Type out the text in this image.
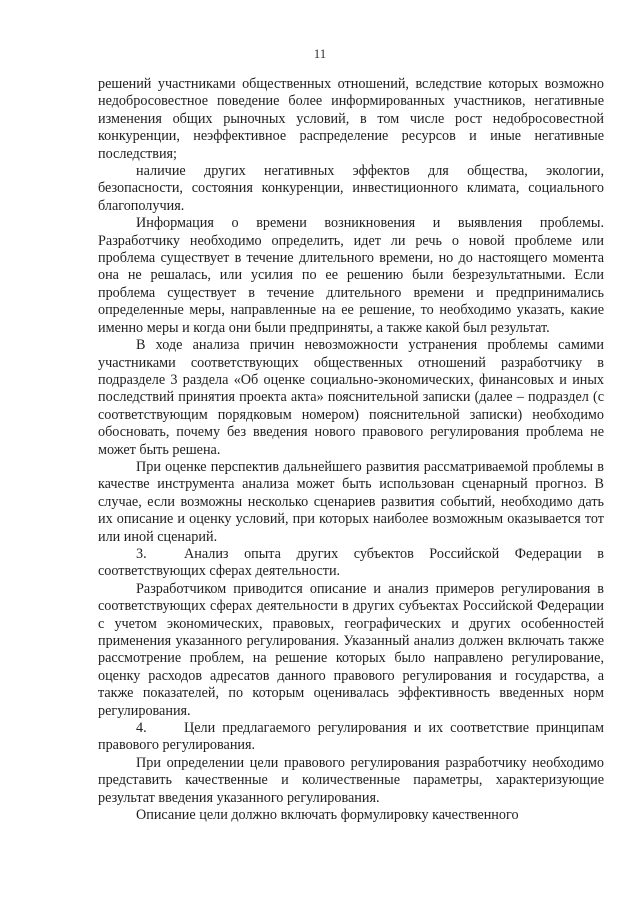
11

решений участниками общественных отношений, вследствие которых возможно недобросовестное поведение более информированных участников, негативные изменения общих рыночных условий, в том числе рост недобросовестной конкуренции, неэффективное распределение ресурсов и иные негативные последствия;

наличие других негативных эффектов для общества, экологии, безопасности, состояния конкуренции, инвестиционного климата, социального благополучия.

Информация о времени возникновения и выявления проблемы. Разработчику необходимо определить, идет ли речь о новой проблеме или проблема существует в течение длительного времени, но до настоящего момента она не решалась, или усилия по ее решению были безрезультатными. Если проблема существует в течение длительного времени и предпринимались определенные меры, направленные на ее решение, то необходимо указать, какие именно меры и когда они были предприняты, а также какой был результат.

В ходе анализа причин невозможности устранения проблемы самими участниками соответствующих общественных отношений разработчику в подразделе 3 раздела «Об оценке социально-экономических, финансовых и иных последствий принятия проекта акта» пояснительной записки (далее – подраздел (с соответствующим порядковым номером) пояснительной записки) необходимо обосновать, почему без введения нового правового регулирования проблема не может быть решена.

При оценке перспектив дальнейшего развития рассматриваемой проблемы в качестве инструмента анализа может быть использован сценарный прогноз. В случае, если возможны несколько сценариев развития событий, необходимо дать их описание и оценку условий, при которых наиболее возможным оказывается тот или иной сценарий.

3.	Анализ опыта других субъектов Российской Федерации в соответствующих сферах деятельности.

Разработчиком приводится описание и анализ примеров регулирования в соответствующих сферах деятельности в других субъектах Российской Федерации с учетом экономических, правовых, географических и других особенностей применения указанного регулирования. Указанный анализ должен включать также рассмотрение проблем, на решение которых было направлено регулирование, оценку расходов адресатов данного правового регулирования и государства, а также показателей, по которым оценивалась эффективность введенных норм регулирования.

4.	Цели предлагаемого регулирования и их соответствие принципам правового регулирования.

При определении цели правового регулирования разработчику необходимо представить качественные и количественные параметры, характеризующие результат введения указанного регулирования.

Описание цели должно включать формулировку качественного
